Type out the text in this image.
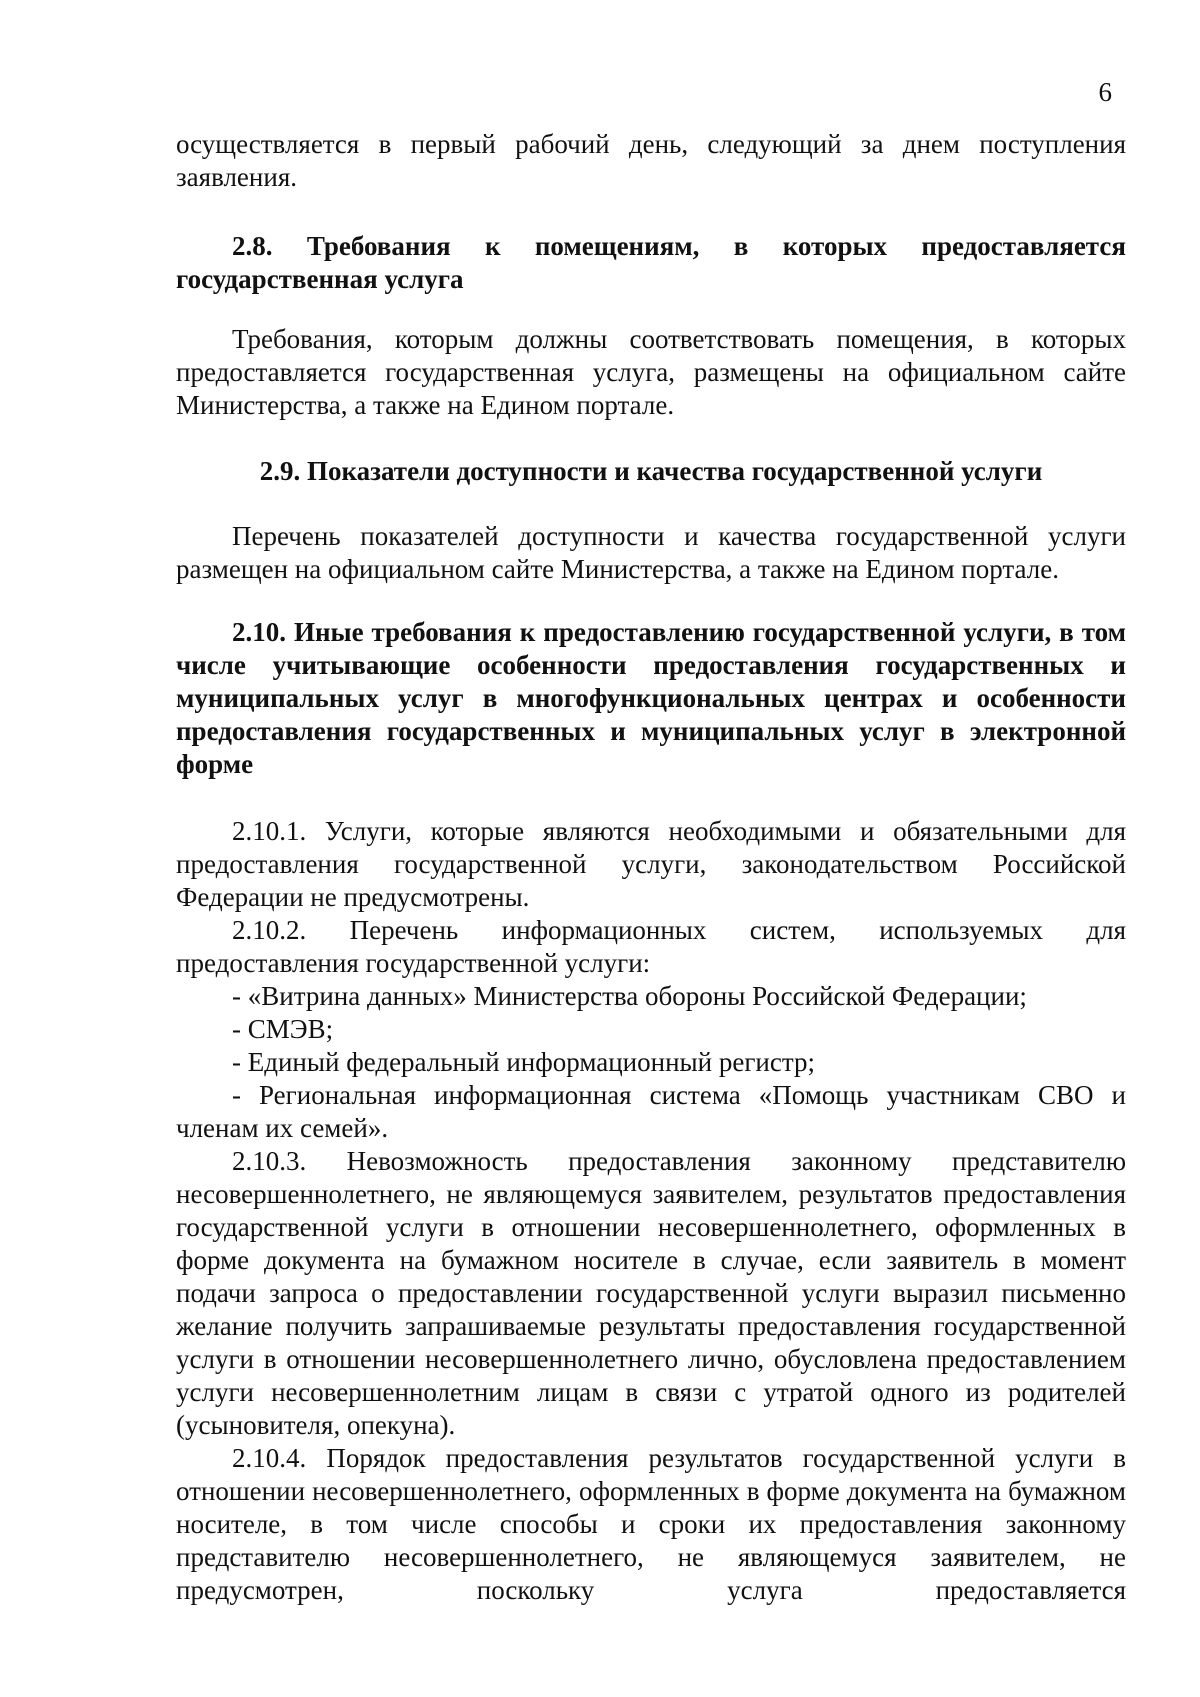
6

осуществляется в первый рабочий день, следующий за днем поступления заявления.

2.8. Требования к помещениям, в которых предоставляется государственная услуга

Требования, которым должны соответствовать помещения, в которых предоставляется государственная услуга, размещены на официальном сайте Министерства, а также на Едином портале.

2.9. Показатели доступности и качества государственной услуги

Перечень показателей доступности и качества государственной услуги размещен на официальном сайте Министерства, а также на Едином портале.

2.10. Иные требования к предоставлению государственной услуги, в том числе учитывающие особенности предоставления государственных и муниципальных услуг в многофункциональных центрах и особенности предоставления государственных и муниципальных услуг в электронной форме

2.10.1. Услуги, которые являются необходимыми и обязательными для предоставления государственной услуги, законодательством Российской Федерации не предусмотрены.

2.10.2. Перечень информационных систем, используемых для предоставления государственной услуги:

- «Витрина данных» Министерства обороны Российской Федерации;

- СМЭВ;

- Единый федеральный информационный регистр;

- Региональная информационная система «Помощь участникам СВО и членам их семей».

2.10.3. Невозможность предоставления законному представителю несовершеннолетнего, не являющемуся заявителем, результатов предоставления государственной услуги в отношении несовершеннолетнего, оформленных в форме документа на бумажном носителе в случае, если заявитель в момент подачи запроса о предоставлении государственной услуги выразил письменно желание получить запрашиваемые результаты предоставления государственной услуги в отношении несовершеннолетнего лично, обусловлена предоставлением услуги несовершеннолетним лицам в связи с утратой одного из родителей (усыновителя, опекуна).

2.10.4. Порядок предоставления результатов государственной услуги в отношении несовершеннолетнего, оформленных в форме документа на бумажном носителе, в том числе способы и сроки их предоставления законному представителю несовершеннолетнего, не являющемуся заявителем, не предусмотрен, поскольку услуга предоставляется
